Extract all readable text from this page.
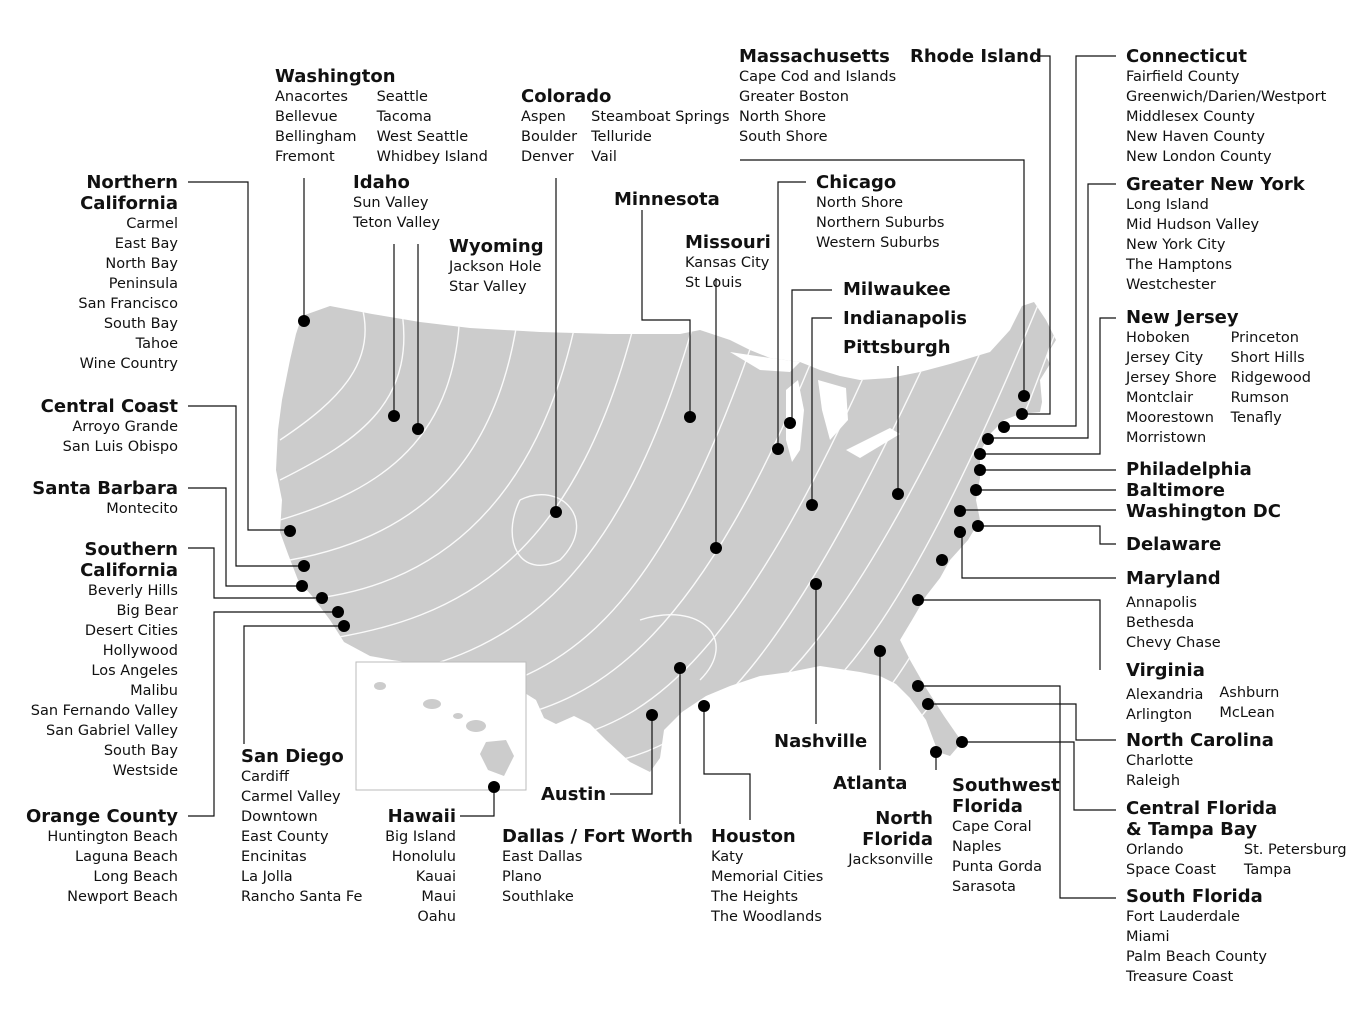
Washington
Anacortes
Bellevue
Bellingham
Fremont
Seattle
Tacoma
West Seattle
Whidbey Island
Colorado
Aspen
Boulder
Denver
Steamboat Springs
Telluride
Vail
Massachusetts
Cape Cod and Islands
Greater Boston
North Shore
South Shore
Rhode Island	Connecticut
Fairfield County
Greenwich/Darien/Westport
Middlesex County
New Haven County
New London County
Northern
California
Carmel
East Bay
North Bay
Peninsula
San Francisco
South Bay
Tahoe
Wine Country
Idaho
Sun Valley
Teton Valley
Wyoming
Jackson Hole
Star Valley
Minnesota
Missouri
Kansas City
St Louis
Chicago
North Shore
Northern Suburbs
Western Suburbs
Greater New York
Long Island
Mid Hudson Valley
New York City
The Hamptons
Westchester
Milwaukee
Indianapolis
Pittsburgh
New Jersey
Hoboken
Jersey City
Jersey Shore
Montclair
Moorestown
Morristown
Princeton
Short Hills
Ridgewood
Rumson
Tenafly
Central Coast
Arroyo Grande
San Luis Obispo
Santa Barbara
Montecito
Philadelphia
Baltimore
Washington DC
Delaware
Southern
California
Beverly Hills
Big Bear
Desert Cities
Hollywood
Los Angeles
Malibu
San Fernando Valley
San Gabriel Valley
South Bay
Westside
Maryland
Annapolis
Bethesda
Chevy Chase
Virginia
Alexandria
Arlington
Ashburn
McLean
North Carolina
Charlotte
Raleigh
San Diego
Cardiff
Carmel Valley
Downtown
East County
Encinitas
La Jolla
Rancho Santa Fe
Nashville
Atlanta Southwest
Florida
Cape Coral
Naples
Punta Gorda
Sarasota
Central Florida
& Tampa Bay
Orlando
Space Coast
St. Petersburg
Tampa
Orange County
Huntington Beach
Laguna Beach
Long Beach
Newport Beach
Hawaii
Big Island
Honolulu
Kauai
Maui
Oahu
Austin
Dallas / Fort Worth
East Dallas
Plano
Southlake
Houston
Katy
Memorial Cities
The Heights
The Woodlands
North
Florida
Jacksonville
South Florida
Fort Lauderdale
Miami
Palm Beach County
Treasure Coast
